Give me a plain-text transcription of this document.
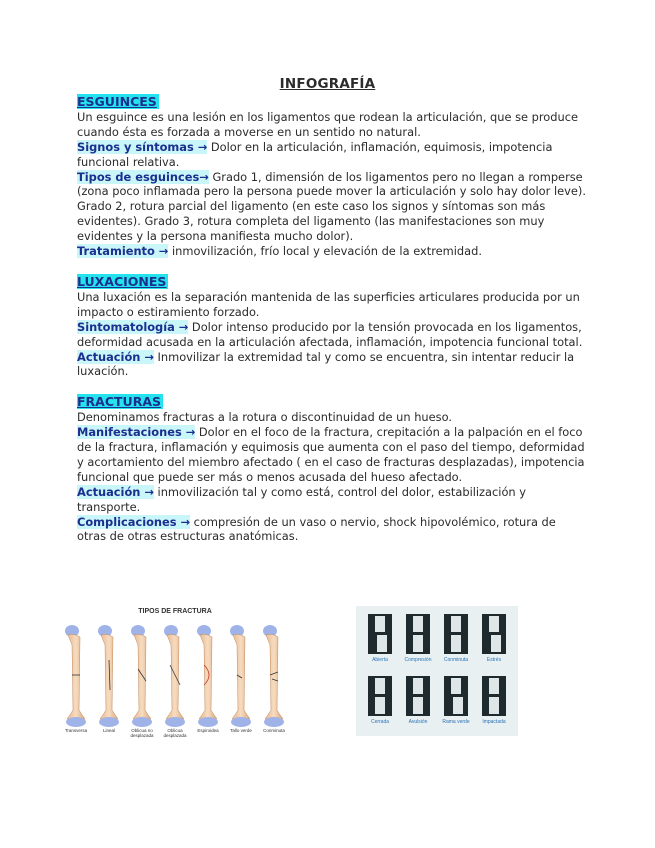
INFOGRAFÍA
ESGUINCES

Un esguince es una lesión en los ligamentos que rodean la articulación, que se produce cuando ésta es forzada a moverse en un sentido no natural.

Signos y síntomas → Dolor en la articulación, inflamación, equimosis, impotencia funcional relativa.

Tipos de esguinces→ Grado 1, dimensión de los ligamentos pero no llegan a romperse (zona poco inflamada pero la persona puede mover la articulación y solo hay dolor leve). Grado 2, rotura parcial del ligamento (en este caso los signos y síntomas son más evidentes). Grado 3, rotura completa del ligamento (las manifestaciones son muy evidentes y la persona manifiesta mucho dolor).

Tratamiento → inmovilización, frío local y elevación de la extremidad.

LUXACIONES

Una luxación es la separación mantenida de las superficies articulares producida por un impacto o estiramiento forzado.

Sintomatología → Dolor intenso producido por la tensión provocada en los ligamentos, deformidad acusada en la articulación afectada, inflamación, impotencia funcional total.

Actuación → Inmovilizar la extremidad tal y como se encuentra, sin intentar reducir la luxación.

FRACTURAS

Denominamos fracturas a la rotura o discontinuidad de un hueso.

Manifestaciones → Dolor en el foco de la fractura, crepitación a la palpación en el foco de la fractura, inflamación y equimosis que aumenta con el paso del tiempo, deformidad y acortamiento del miembro afectado ( en el caso de fracturas desplazadas), impotencia funcional que puede ser más o menos acusada del hueso afectado.

Actuación → inmovilización tal y como está, control del dolor, estabilización y transporte.

Complicaciones → compresión de un vaso o nervio, shock hipovolémico, rotura de otras de otras estructuras anatómicas.

TIPOS DE FRACTURA
Transversa	Lineal	Oblicua no desplazada
Oblicua desplazada
Espiroidea	Tallo verde	Conminuta
Abierta	Compresión	Conminuta	Estrés
Cerrada	Avulsión	Rama verde	Impactada
